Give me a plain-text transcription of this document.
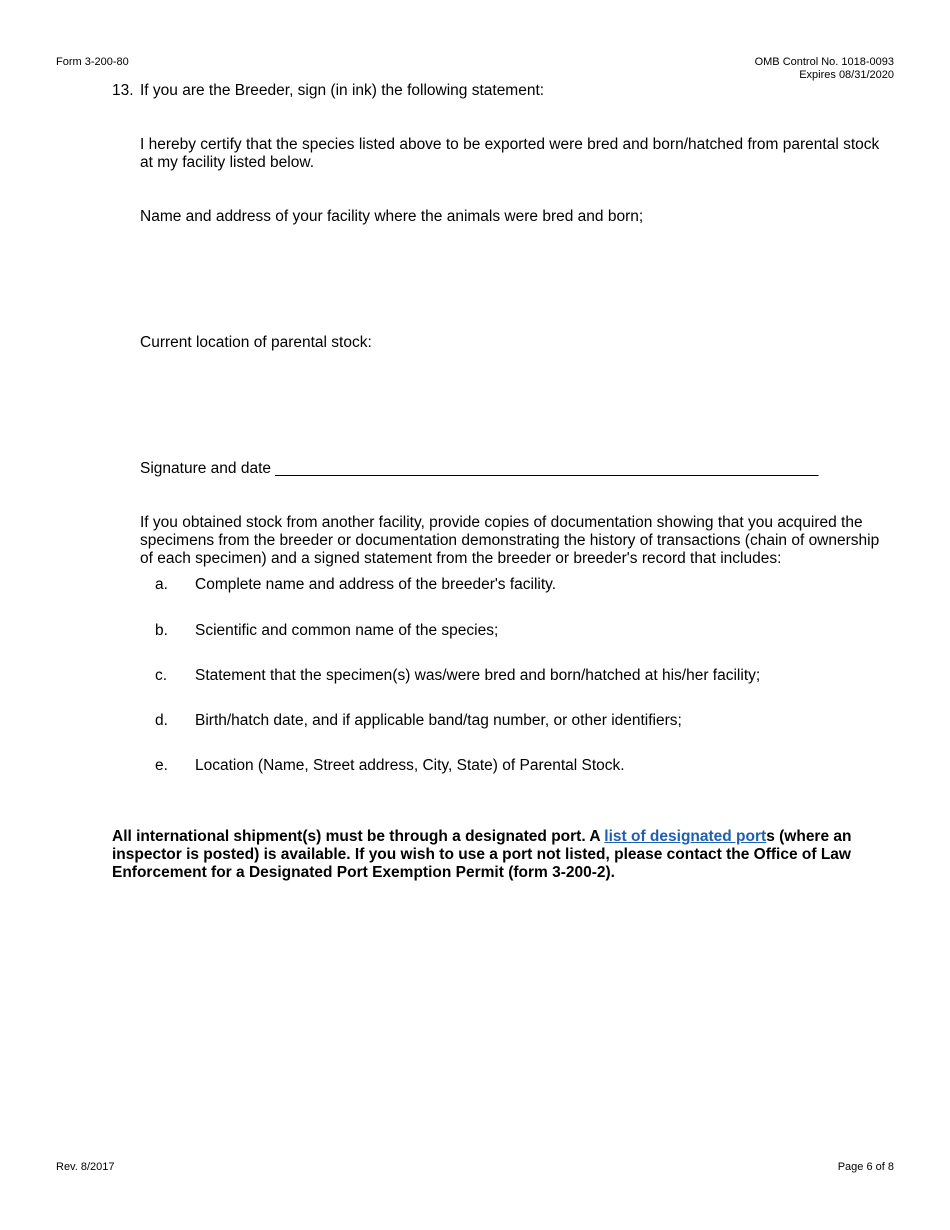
Form 3-200-80	OMB Control No. 1018-0093
Expires 08/31/2020
13. If you are the Breeder, sign (in ink) the following statement:
I hereby certify that the species listed above to be exported were bred and born/hatched from parental stock at my facility listed below.
Name and address of your facility where the animals were bred and born;
Current location of parental stock:
Signature and date _______________________________________________________________
If you obtained stock from another facility, provide copies of documentation showing that you acquired the specimens from the breeder or documentation demonstrating the history of transactions (chain of ownership of each specimen) and a signed statement from the breeder or breeder's record that includes:
a. Complete name and address of the breeder's facility.
b. Scientific and common name of the species;
c. Statement that the specimen(s) was/were bred and born/hatched at his/her facility;
d. Birth/hatch date, and if applicable band/tag number, or other identifiers;
e. Location (Name, Street address, City, State) of Parental Stock.
All international shipment(s) must be through a designated port. A list of designated ports (where an inspector is posted) is available. If you wish to use a port not listed, please contact the Office of Law Enforcement for a Designated Port Exemption Permit (form 3-200-2).
Rev. 8/2017	Page 6 of 8
